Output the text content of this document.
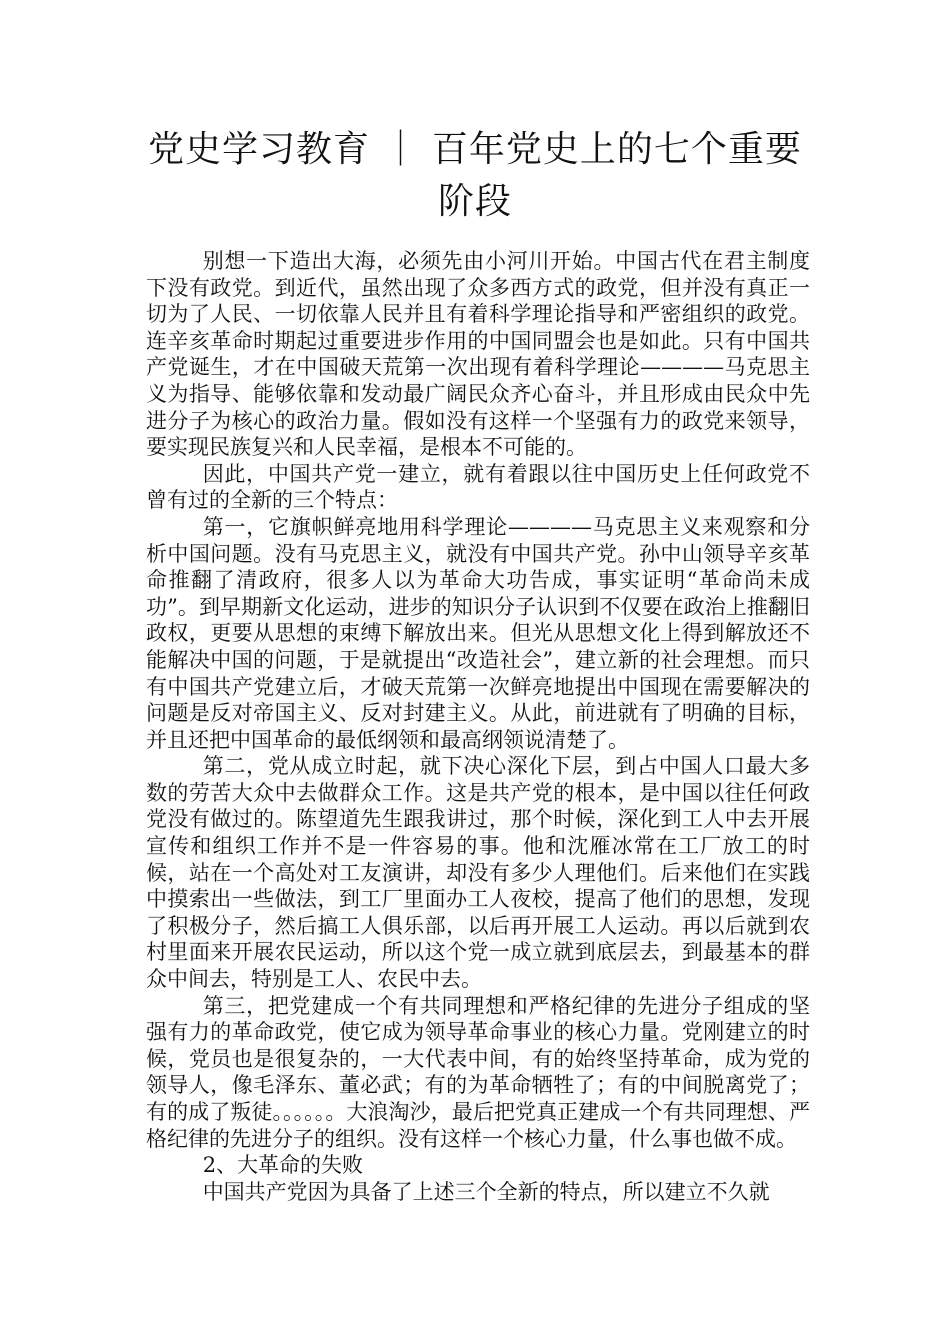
党史学习教育 ｜ 百年党史上的七个重要阶段

别想一下造出大海，必须先由小河川开始。中国古代在君主制度下没有政党。到近代，虽然出现了众多西方式的政党，但并没有真正一切为了人民、一切依靠人民并且有着科学理论指导和严密组织的政党。连辛亥革命时期起过重要进步作用的中国同盟会也是如此。只有中国共产党诞生，才在中国破天荒第一次出现有着科学理论————马克思主义为指导、能够依靠和发动最广阔民众齐心奋斗，并且形成由民众中先进分子为核心的政治力量。假如没有这样一个坚强有力的政党来领导，要实现民族复兴和人民幸福，是根本不可能的。

因此，中国共产党一建立，就有着跟以往中国历史上任何政党不曾有过的全新的三个特点：

第一，它旗帜鲜亮地用科学理论————马克思主义来观察和分析中国问题。没有马克思主义，就没有中国共产党。孙中山领导辛亥革命推翻了清政府，很多人以为革命大功告成，事实证明“革命尚未成功”。到早期新文化运动，进步的知识分子认识到不仅要在政治上推翻旧政权，更要从思想的束缚下解放出来。但光从思想文化上得到解放还不能解决中国的问题，于是就提出“改造社会”，建立新的社会理想。而只有中国共产党建立后，才破天荒第一次鲜亮地提出中国现在需要解决的问题是反对帝国主义、反对封建主义。从此，前进就有了明确的目标，并且还把中国革命的最低纲领和最高纲领说清楚了。

第二，党从成立时起，就下决心深化下层，到占中国人口最大多数的劳苦大众中去做群众工作。这是共产党的根本，是中国以往任何政党没有做过的。陈望道先生跟我讲过，那个时候，深化到工人中去开展宣传和组织工作并不是一件容易的事。他和沈雁冰常在工厂放工的时候，站在一个高处对工友演讲，却没有多少人理他们。后来他们在实践中摸索出一些做法，到工厂里面办工人夜校，提高了他们的思想，发现了积极分子，然后搞工人俱乐部，以后再开展工人运动。再以后就到农村里面来开展农民运动，所以这个党一成立就到底层去，到最基本的群众中间去，特别是工人、农民中去。

第三，把党建成一个有共同理想和严格纪律的先进分子组成的坚强有力的革命政党，使它成为领导革命事业的核心力量。党刚建立的时候，党员也是很复杂的，一大代表中间，有的始终坚持革命，成为党的领导人，像毛泽东、董必武；有的为革命牺牲了；有的中间脱离党了；有的成了叛徒。。。。。。大浪淘沙，最后把党真正建成一个有共同理想、严格纪律的先进分子的组织。没有这样一个核心力量，什么事也做不成。

2、大革命的失败

中国共产党因为具备了上述三个全新的特点，所以建立不久就
